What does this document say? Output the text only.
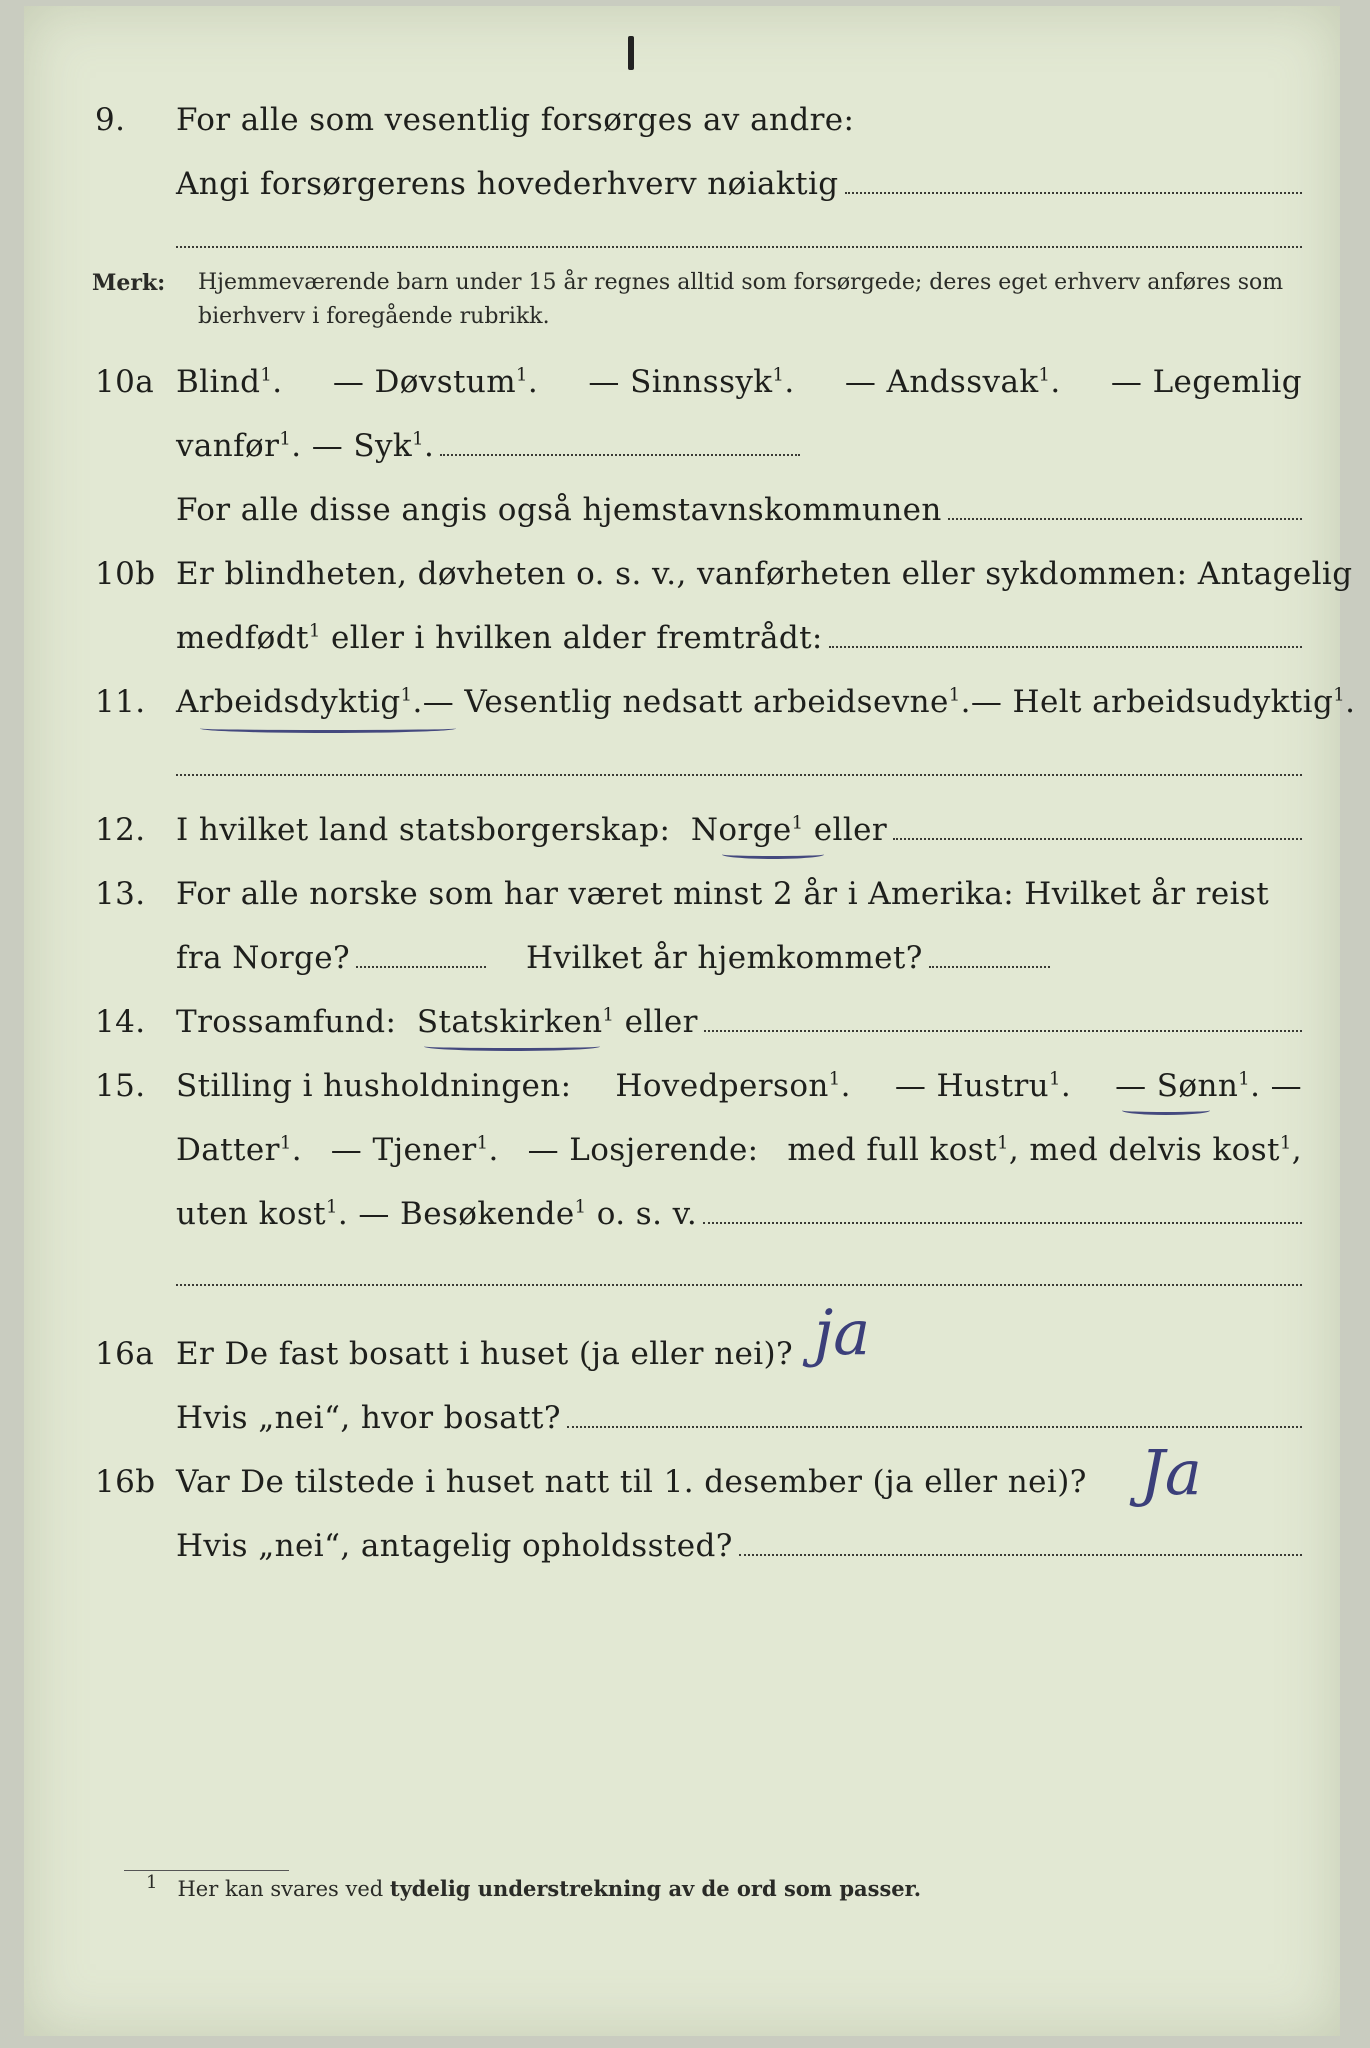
9. For alle som vesentlig forsørges av andre:
Angi forsørgerens hovederhverv nøiaktig
Merk: Hjemmeværende barn under 15 år regnes alltid som forsørgede; deres eget erhverv anføres som bierhverv i foregående rubrikk.
10a Blind$^1$. — Døvstum$^1$. — Sinnssyk$^1$. — Andssvak$^1$. — Legemlig
vanfør$^1$.
— Syk$^1$.
For alle disse angis også hjemstavnskommunen
10b Er blindheten, døvheten o. s. v., vanførheten eller sykdommen: Antagelig
medfødt$^1$
eller i hvilken alder fremtrådt:
11. Arbeidsdyktig$^1$. — Vesentlig nedsatt arbeidsevne$^1$. — Helt arbeidsudyktig$^1$.
12. I hvilket land statsborgerskap:
Norge$^1$
eller
13. For alle norske som har været minst 2 år i Amerika: Hvilket år reist
fra Norge?	Hvilket år hjemkommet?
14. Trossamfund:
Statskirken$^1$
eller
15. Stilling i husholdningen: Hovedperson$^1$. — Hustru$^1$. — Sønn$^1$. —
Datter$^1$. — Tjener$^1$. — Losjerende: med full kost$^1$, med delvis kost$^1$,
uten kost$^1$.
— Besøkende$^1$
o. s. v.
16a Er De fast bosatt i huset (ja eller nei)? ja
Hvis „nei“, hvor bosatt?
16b Var De tilstede i huset natt til 1. desember (ja eller nei)? Ja
Hvis „nei“, antagelig opholdssted?
1 Her kan svares ved tydelig understrekning av de ord som passer.
